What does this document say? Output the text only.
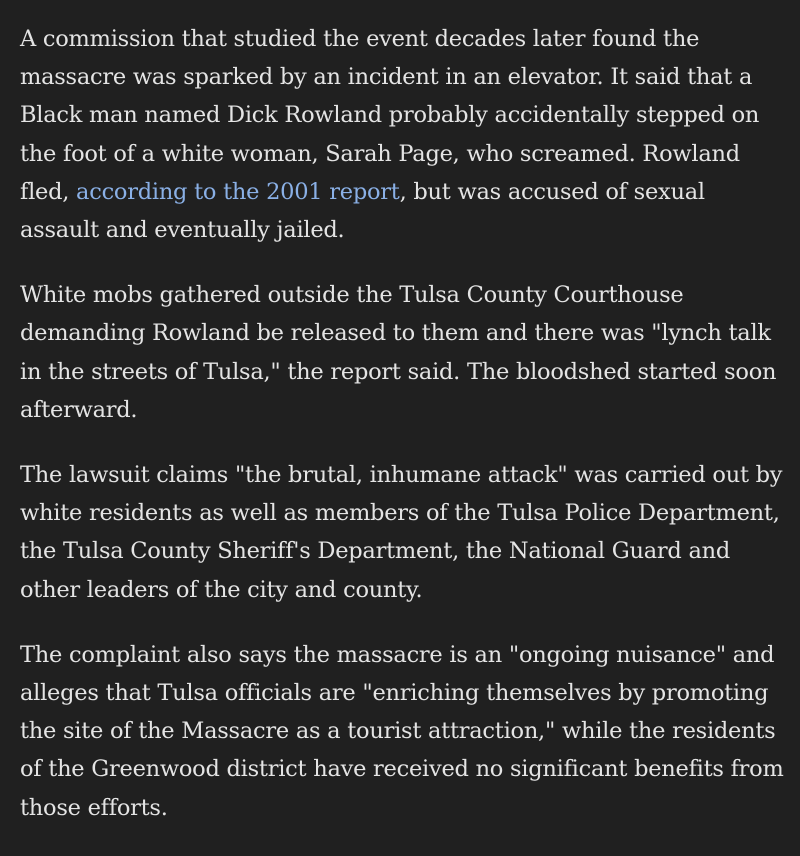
A commission that studied the event decades later found the massacre was sparked by an incident in an elevator. It said that a Black man named Dick Rowland probably accidentally stepped on the foot of a white woman, Sarah Page, who screamed. Rowland fled, according to the 2001 report, but was accused of sexual assault and eventually jailed.

White mobs gathered outside the Tulsa County Courthouse demanding Rowland be released to them and there was "lynch talk in the streets of Tulsa," the report said. The bloodshed started soon afterward.

The lawsuit claims "the brutal, inhumane attack" was carried out by white residents as well as members of the Tulsa Police Department, the Tulsa County Sheriff's Department, the National Guard and other leaders of the city and county.

The complaint also says the massacre is an "ongoing nuisance" and alleges that Tulsa officials are "enriching themselves by promoting the site of the Massacre as a tourist attraction," while the residents of the Greenwood district have received no significant benefits from those efforts.
